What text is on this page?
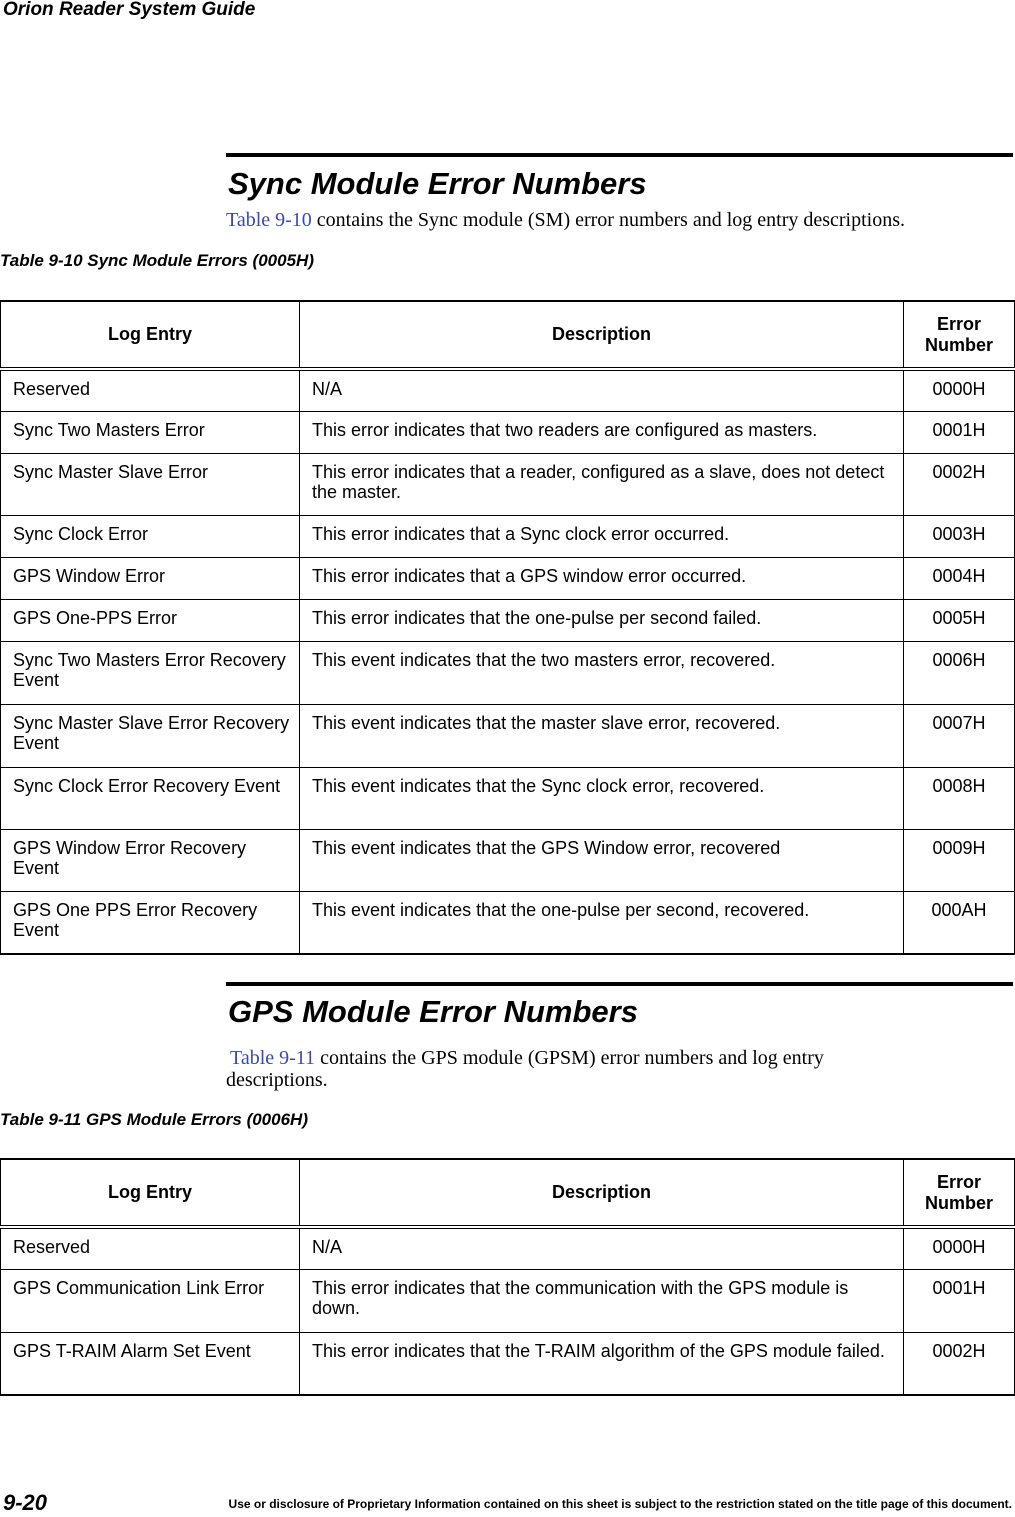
Orion Reader System Guide
Sync Module Error Numbers
Table 9-10 contains the Sync module (SM) error numbers and log entry descriptions.
Table 9-10 Sync Module Errors (0005H)
Log Entry	Description	Error Number
Reserved	N/A	0000H
Sync Two Masters Error	This error indicates that two readers are configured as masters.	0001H
Sync Master Slave Error	This error indicates that a reader, configured as a slave, does not detect the master.	0002H
Sync Clock Error	This error indicates that a Sync clock error occurred.	0003H
GPS Window Error	This error indicates that a GPS window error occurred.	0004H
GPS One-PPS Error	This error indicates that the one-pulse per second failed.	0005H
Sync Two Masters Error Recovery Event	This event indicates that the two masters error, recovered.	0006H
Sync Master Slave Error Recovery Event	This event indicates that the master slave error, recovered.	0007H
Sync Clock Error Recovery Event	This event indicates that the Sync clock error, recovered.	0008H
GPS Window Error Recovery Event	This event indicates that the GPS Window error, recovered	0009H
GPS One PPS Error Recovery Event	This event indicates that the one-pulse per second, recovered.	000AH
GPS Module Error Numbers
Table 9-11 contains the GPS module (GPSM) error numbers and log entry descriptions.
Table 9-11 GPS Module Errors (0006H)
Log Entry	Description	Error Number
Reserved	N/A	0000H
GPS Communication Link Error	This error indicates that the communication with the GPS module is down.	0001H
GPS T-RAIM Alarm Set Event	This error indicates that the T-RAIM algorithm of the GPS module failed.	0002H
9-20	Use or disclosure of Proprietary Information contained on this sheet is subject to the restriction stated on the title page of this document.
